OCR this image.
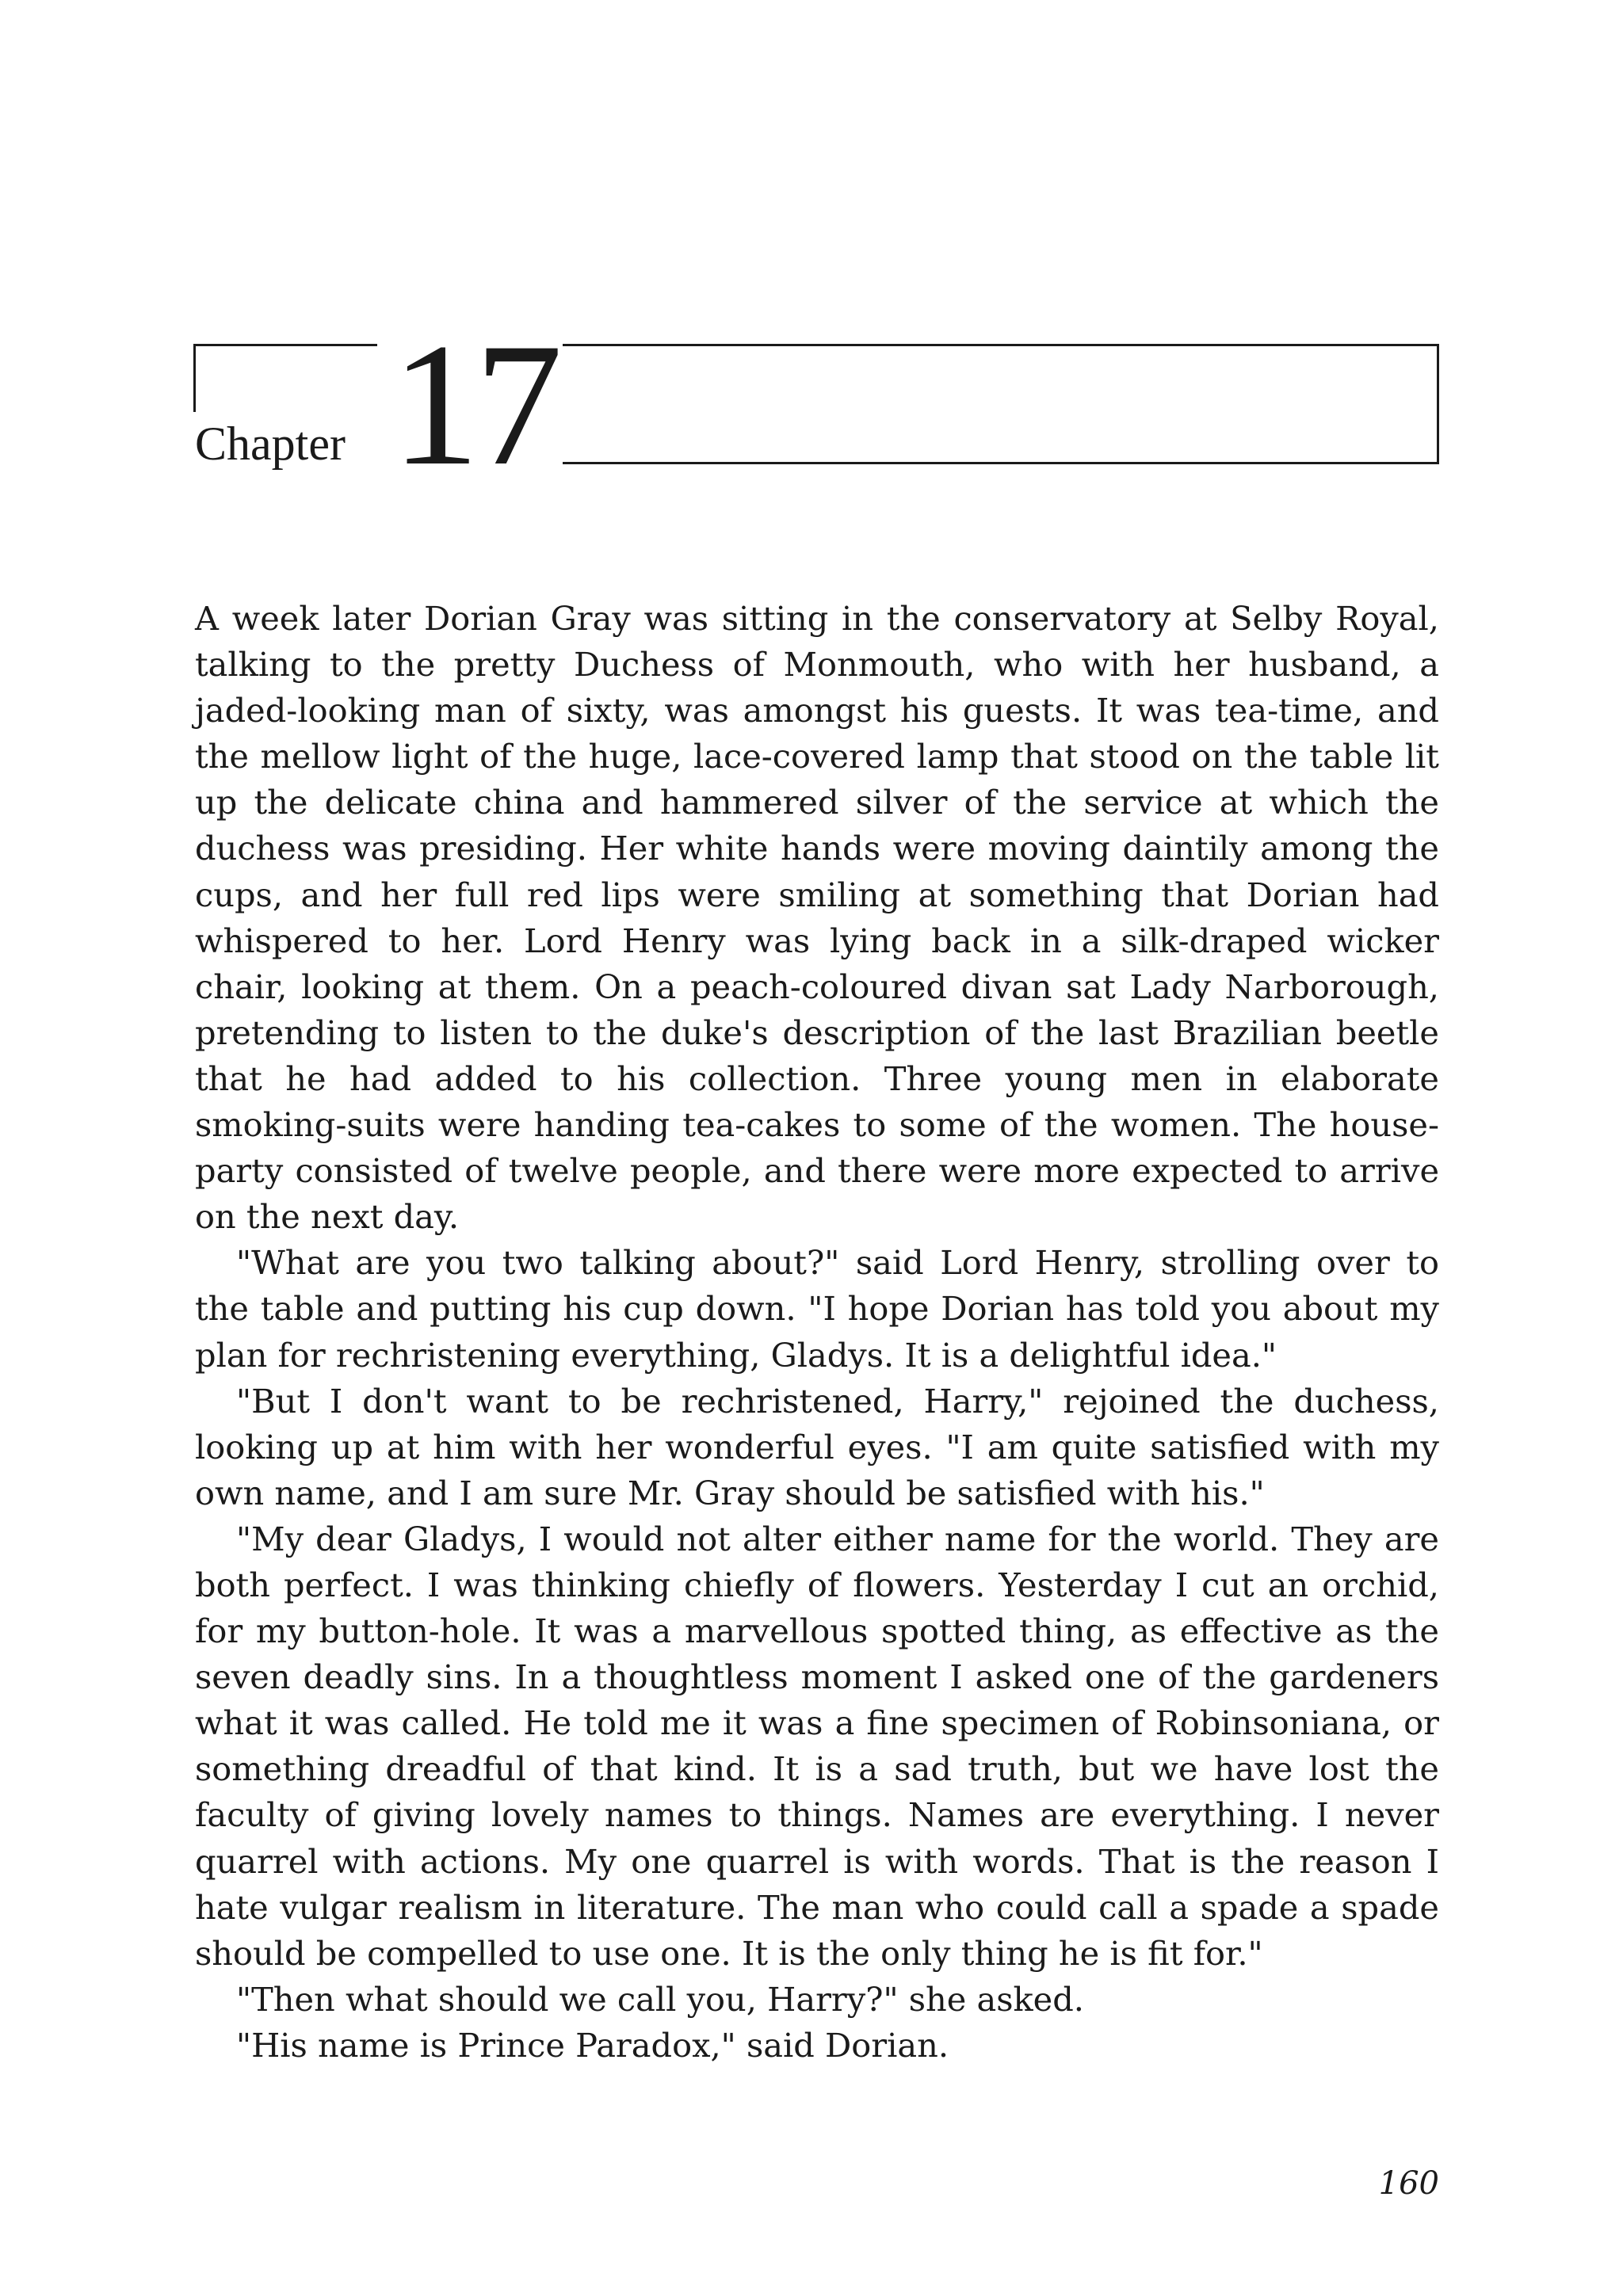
Chapter 17

A week later Dorian Gray was sitting in the conservatory at Selby Royal, talking to the pretty Duchess of Monmouth, who with her husband, a jaded-looking man of sixty, was amongst his guests. It was tea-time, and the mellow light of the huge, lace-covered lamp that stood on the table lit up the delicate china and hammered silver of the service at which the duchess was presiding. Her white hands were moving daintily among the cups, and her full red lips were smiling at something that Dorian had whispered to her. Lord Henry was lying back in a silk-draped wicker chair, looking at them. On a peach-coloured divan sat Lady Narborough, pretending to listen to the duke's description of the last Brazilian beetle that he had added to his collection. Three young men in elaborate smoking-suits were handing tea-cakes to some of the women. The house-party consisted of twelve people, and there were more expected to arrive on the next day.

"What are you two talking about?" said Lord Henry, strolling over to the table and putting his cup down. "I hope Dorian has told you about my plan for rechristening everything, Gladys. It is a delightful idea."

"But I don't want to be rechristened, Harry," rejoined the duchess, looking up at him with her wonderful eyes. "I am quite satisfied with my own name, and I am sure Mr. Gray should be satisfied with his."

"My dear Gladys, I would not alter either name for the world. They are both perfect. I was thinking chiefly of flowers. Yesterday I cut an orchid, for my button-hole. It was a marvellous spotted thing, as effective as the seven deadly sins. In a thoughtless moment I asked one of the gardeners what it was called. He told me it was a fine specimen of Robinsoniana, or something dreadful of that kind. It is a sad truth, but we have lost the faculty of giving lovely names to things. Names are everything. I never quarrel with actions. My one quarrel is with words. That is the reason I hate vulgar realism in literature. The man who could call a spade a spade should be compelled to use one. It is the only thing he is fit for."

"Then what should we call you, Harry?" she asked.

"His name is Prince Paradox," said Dorian.

160
